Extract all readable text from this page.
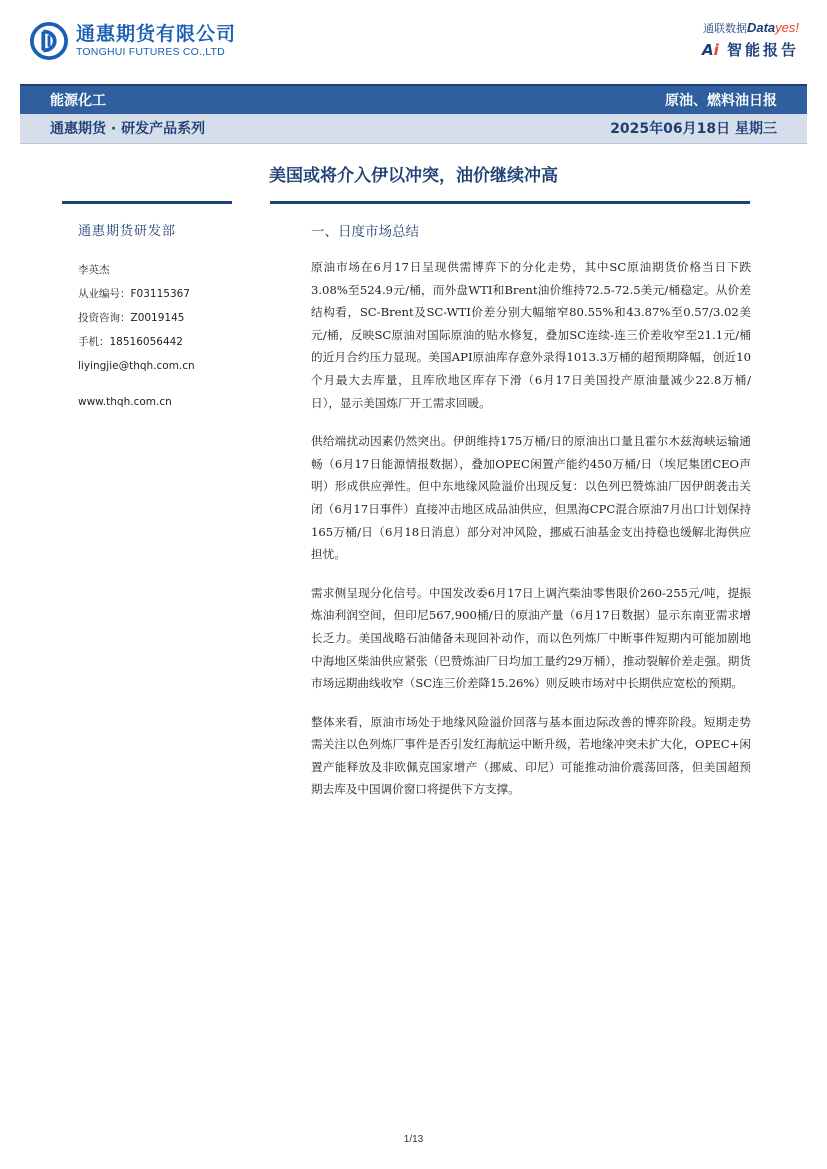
通惠期货有限公司
TONGHUI FUTURES CO.,LTD
通联数据Datayes!
Ai 智能报告
能源化工	原油、燃料油日报
通惠期货 · 研发产品系列	2025年06月18日 星期三
美国或将介入伊以冲突，油价继续冲高
通惠期货研发部
李英杰
从业编号：F03115367
投资咨询：Z0019145
手机：18516056442
liyingjie@thqh.com.cn
www.thqh.com.cn
一、日度市场总结

原油市场在6月17日呈现供需博弈下的分化走势，其中SC原油期货价格当日下跌3.08%至524.9元/桶，而外盘WTI和Brent油价维持72.5-72.5美元/桶稳定。从价差结构看，SC-Brent及SC-WTI价差分别大幅缩窄80.55%和43.87%至0.57/3.02美元/桶，反映SC原油对国际原油的贴水修复，叠加SC连续-连三价差收窄至21.1元/桶的近月合约压力显现。美国API原油库存意外录得1013.3万桶的超预期降幅，创近10个月最大去库量，且库欣地区库存下滑（6月17日美国投产原油量减少22.8万桶/日），显示美国炼厂开工需求回暖。

供给端扰动因素仍然突出。伊朗维持175万桶/日的原油出口量且霍尔木兹海峡运输通畅（6月17日能源情报数据），叠加OPEC闲置产能约450万桶/日（埃尼集团CEO声明）形成供应弹性。但中东地缘风险溢价出现反复：以色列巴赞炼油厂因伊朗袭击关闭（6月17日事件）直接冲击地区成品油供应，但黑海CPC混合原油7月出口计划保持165万桶/日（6月18日消息）部分对冲风险，挪威石油基金支出持稳也缓解北海供应担忧。

需求侧呈现分化信号。中国发改委6月17日上调汽柴油零售限价260-255元/吨，提振炼油利润空间，但印尼567,900桶/日的原油产量（6月17日数据）显示东南亚需求增长乏力。美国战略石油储备未现回补动作，而以色列炼厂中断事件短期内可能加剧地中海地区柴油供应紧张（巴赞炼油厂日均加工量约29万桶），推动裂解价差走强。期货市场远期曲线收窄（SC连三价差降15.26%）则反映市场对中长期供应宽松的预期。

整体来看，原油市场处于地缘风险溢价回落与基本面边际改善的博弈阶段。短期走势需关注以色列炼厂事件是否引发红海航运中断升级，若地缘冲突未扩大化，OPEC+闲置产能释放及非欧佩克国家增产（挪威、印尼）可能推动油价震荡回落，但美国超预期去库及中国调价窗口将提供下方支撑。

1/13
